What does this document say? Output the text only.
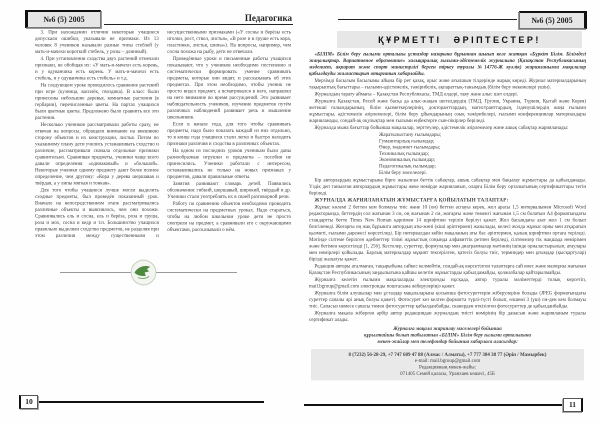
№6 (5) 2005	Педагогика

3. При нахождении отличия некоторые учащиеся допускали ошибки, указывали не признаки. Из 13 человек 8 учеников называли разные типы стеблей (у мать-и-мачехи короткий стебель, у розы – длинный).

4. При установлении сходства двух растений отмечали признаки, не обобщая их: «У мать-и-мачехи есть корень, и у одуванчика есть корень. У мать-и-мачехи есть стебель, и у одуванчика есть стебель» и т.д.

На следующем уроке проводилось сравнение растений при игре (кузница, василёк, гвоздика). В класс были принесены небольшие деревья, комнатные растения (в гербарии), перечисленные цветы. На партах учащихся были цветные цветы. Предложено было сравнить все эти растения.

Несколько учеников рассматривали работы сразу, не отвечая на вопросы, обращали внимание на внешнюю сторону объектов и их конструкции, листья. Потом по указанному плану дети учились устанавливать сходство и различие, рассматривали сначала отдельные признаки сравнительно. Сравнивая предметы, ученики чаще всего давали определения «одинаковый» и «большой». Некоторые ученики одному предмету дают более полное определение, чем другому: «Кора у дерева шершавая и твёрдая, а у липы мягкая и тонкая».

Для того чтобы учащиеся лучше могли выделить сходные предметы, был проведён показанный урок. Вначале на непосредственном этапе рассматривались различные объекты и выяснялось, чем они похожи. Сравнивались ель и сосна, ель и берёза, роза и груша, роза и мох, сосна и кедр и т.п. Большинство учащихся правильно выделяли сходство предметов, не разделяя при этом различия между существенными и несущественными признаками («У сосны и берёзы есть иголки, рост, ствол, листья», «В розе и в груше есть кора, пластинки, листья, шипы»). На вопросы, например, чем сосна похожа на рыбу, дети не отвечали.

Проведённые уроки и письменные работы учащихся показывают, что у учеников необходимо постепенно и систематически формировать умение сравнивать предметы, которые они видят, и рассказывать об этих предметах. При этом необходимо, чтобы ученик не просто видел предмет, а всматривался в него, направлял на него внимание во время рассуждений. Это развивает наблюдательность учеников, изучение предметов путём различных наблюдений развивает речь и мышление школьников.

Если в начале года, для того чтобы сравнивать предметы, надо было показать каждый из них отдельно, то в конце года учащиеся стали легко и быстро находить признаки различия и сходства в различных объектах.

На одном из последних уроков ученикам были даны разнообразные игрушки и предметы – пособия не приносились. Ученики работали с интересом, останавливались не только на новых признаках у предметов, давали правильные ответы.

Занятия развивают словарь детей. Появились обозначения: гибкий, шершавый, широкий, твёрдый и др. Ученики стали употреблять их в своей разговорной речи.

Работу по сравнению объектов необходимо проводить систематически на предметных уроках. Надо стараться, чтобы на любом школьном уроке дети не просто смотрели на предмет, а сравнивали его с окружающими объектами, рассказывали о нём.

10
№6 (5) 2005
ҚҰРМЕТТІ ӘРІПТЕСТЕР!

«БІЛІМ» Білім беру ғылыми орталығы ұстаздар назарына бұрыннан шығып келе жатқан «Бүркіт Білім. Білімдегі жаңалықтар. Вариативное образование» халықаралық ғылыми-әдістемелік журналына (Қазақстан Республикасының мәдениет, ақпарат және спорт министрлігі берген тіркеу туралы №14776-Ж куәлік) жарияланымға мақалалар қабылдауды жалғастырып отырғанын хабарлайды.

Мерзімді басылым басылымы айына бір рет қазақ, орыс және ағылшын тілдерінде жарық көреді. Журнал материалдарының тақырыптық бағыттары – ғылыми-әдістемелік, тәжірибелік, ақпараттық-танымдық (білім беру мекемелері үшін).

Журналдың тарату аймағы – Қазақстан Республикасы, ТМД елдері, таяу және алыс шет елдері.

Журналға Қазақстан, Ресей және басқа да алыс-жақын шетелдердің (ТМД, Грузия, Украина, Түркия, Қытай және Корея) жетекші ғалымдарының, білім қызметкерлерінің, докторанттардың, магистранттардың, ізденушілердің жаңа ғылыми жұмыстары, әдістемелік әзірлемелері, білім беру ұйымдарының озық тәжірибелері, ғылыми конференциялар материалдары жарияланады, сондай-ақ оқулықтар мен ғылыми еңбектерге сын-пікірлер беріледі.

Журналда мына бағыттар бойынша мақалалар, зерттеулер, әдістемелік әзірлемелер және ашық сабақтар жарияланады:

Жаратылыстану ғылымдары;
Гуманитарлық ғылымдар;
Өнер, мәдениет ғылымдары;
Техникалық ғылымдар;
Экономикалық ғылымдар;
Педагогикалық ғылымдар;
Білім беру мәселелері.

Бір авторлардың жұмыстарына бірге жазылған беттік сабақтар, ашық сабақтар мен бақылау жұмыстары да қабылданады. Үздік деп танылған авторлардың жұмыстары жеке нөмірде жарияланып, оларға Білім беру орталығының сертификаттары тегін беріледі.

ЖУРНАЛДА ЖАРИЯЛАНАТЫН ЖҰМЫСТАРҒА ҚОЙЫЛАТЫН ТАЛАПТАР:

Жұмыс көлемі 2 беттен кем болмауы тиіс және 10 (он) беттен аспауы керек, жол арасы 1,5 интервалымен Microsoft Word редакторында, беттердің сол жағынан 3 см, оң жағынан 2 см, жоғарғы және төменгі жағынан 1,5 см болатын А4 форматындағы стандартты бетте Times New Roman қарпімен 14 шрифтпен теріліп берілуі қажет. Жол басындағы азат жол 1 см болып белгіленеді. Жоғарғы оң жақ бұрышта автордың аты-жөні (кіші әріптермен) жазылады, келесі жолда жұмыс орны мен атқаратын қызметі, ғылыми дәрежесі көрсетіледі. Бір интервалдан кейін мақаланың аты бас әріптермен, қалың шрифтпен ортаға теріледі. Мәтінде сілтеме берілген әдебиеттер тізімі жұмыстың соңында алфавиттік ретпен беріледі, сілтемелер тік жақшада нөмірімен және бетімен көрсетіледі [1, 256]. Кестелер, суреттер, формулалар мен диаграммалар мәтіннің ішінде орналастырылып, атаулары мен нөмірлері қойылады. Барлық материалдар мұқият тексерілген, қатесіз болуы тиіс, терминдер мен ұғымдар (қысқартулар) бірізді жазылуы қажет.

Редакция авторы аталмаған, тақырыбына сәйкес келмейтін, сондай-ақ көрсетілген талаптарға сай емес және мазмұны жағынан Қазақстан Республикасының заңдылығына қайшы келетін жұмыстарды қабылдамайды, қолжазбалар қайтарылмайды.

Журналға келетін ғылыми мақалаларды электронды нұсқада, автор туралы мәліметтерді толық көрсетіп, mail.bgroup@gmail.com электронды поштасына жіберулеріңіз қажет.

Журналға білім алушылар мен ұстаздар мақалаларына қосымша фотосуреттерін жіберулеріне болады (JPEG форматындағы суреттер сапалы әрі анық болуы қажет). Фотосурет кез келген форматта түрлі-түсті болып, өлшемі 3 (үш) см-ден кем болмауы тиіс. Сапасыз немесе сапасы төмен фотосуреттер қабылданбайды, сканерден өткізілген фотосуреттер де қабылданбайды.

Журналға мақала жіберген әрбір автор редакциядан журналдың тиісті нөмірінің бір данасын және жарияланым туралы сертификат алады.

Журналға мақала жариялау мәселелері бойынша
құрылтайшы болып табылатын «БІЛІМ» Білім беру ғылыми орталығына
мекен-жайлар мен телефондар бойынша хабарласа аласыздар:
8 (7232) 56-28-29, +7 747 689 47 88 (Алмас / Алматы), +7 777 384 38 77 (Әріп / Мамырбек)
e-mail: mail.bgroup@gmail.com
Редакцияның мекен-жайы:
071405 Семей қаласы, Уранхаев көшесі, 45Б
11
